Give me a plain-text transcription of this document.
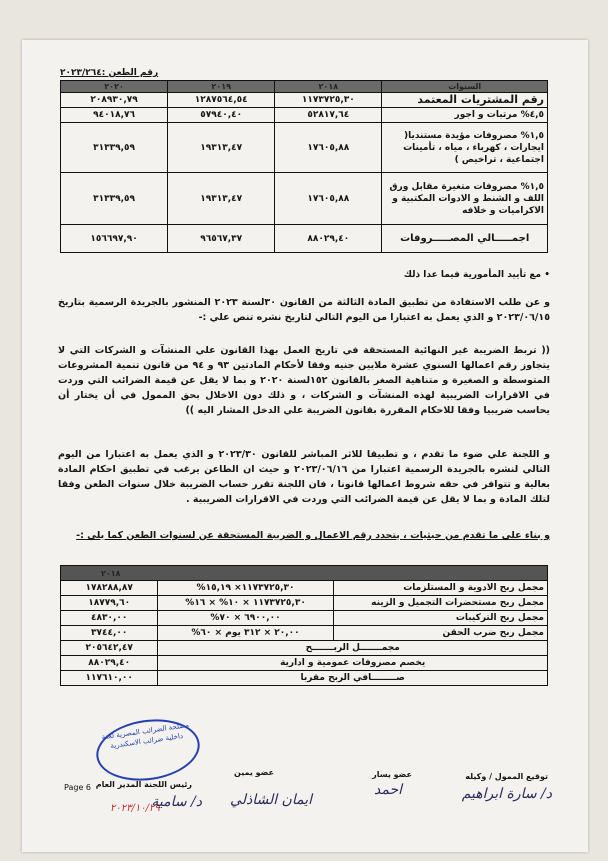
رقم الطعن :٢٠٢٣/٢٦٤
٢٠٢٠	٢٠١٩	٢٠١٨	السنوات
٢٠٨٩٣٠,٧٩	١٢٨٧٥٦٤,٥٤	١١٧٣٧٢٥,٣٠	رقم المشتريات المعتمد
٩٤٠١٨,٧٦	٥٧٩٤٠,٤٠	٥٢٨١٧,٦٤	٤,٥% مرتبات و اجور
٣١٣٣٩,٥٩	١٩٣١٣,٤٧	١٧٦٠٥,٨٨	١,٥% مصروفات مؤيدة مستنديا( ايجارات ، كهرباء ، مياه ، تأمينات اجتماعية ، تراخيص )
٣١٣٣٩,٥٩	١٩٣١٣,٤٧	١٧٦٠٥,٨٨	١,٥% مصروفات متغيرة مقابل ورق اللف و الشنط و الادوات المكتبية و الاكراميات و خلافه
١٥٦٦٩٧,٩٠	٩٦٥٦٧,٣٧	٨٨٠٢٩,٤٠	اجمـــــالي المصـــــروفات
• مع تأييد المأمورية فيما عدا ذلك
و عن طلب الاستفادة من تطبيق المادة الثالثة من القانون ٣٠لسنة ٢٠٢٣ المنشور بالجريدة الرسمية بتاريخ ٢٠٢٣/٠٦/١٥ و الذي يعمل به اعتبارا من اليوم التالي لتاريخ نشره تنص علي :-
(( تربط الضريبة غير النهائية المستحقة في تاريخ العمل بهذا القانون علي المنشآت و الشركات التي لا يتجاوز رقم اعمالها السنوي عشرة ملايين جنيه وفقا لأحكام المادتين ٩٣ و ٩٤ من قانون تنمية المشروعات المتوسطة و الصغيرة و متناهية الصغر بالقانون ١٥٢لسنة ٢٠٢٠ و بما لا يقل عن قيمة الضرائب التي وردت في الاقرارات الضريبية لهذه المنشآت و الشركات ، و ذلك دون الاخلال بحق الممول في أن يختار أن يحاسب ضريبيا وفقا للاحكام المقررة بقانون الضريبة علي الدخل المشار اليه ))
و اللجنة علي ضوء ما تقدم ، و تطبيقا للاثر المباشر للقانون ٢٠٢٣/٣٠ و الذي يعمل به اعتبارا من اليوم التالي لنشره بالجريدة الرسمية اعتبارا من ٢٠٢٣/٠٦/١٦ و حيث ان الطاعن يرغب في تطبيق احكام المادة بعالية و تتوافر في حقه شروط اعمالها قانونا ، فان اللجنة تقرر حساب الضريبة خلال سنوات الطعن وفقا لتلك المادة و بما لا يقل عن قيمة الضرائب التي وردت في الاقرارات الضريبية .
و بناء علي ما تقدم من حيثيات ، يتحدد رقم الاعمال و الضريبة المستحقة عن لسنوات الطعن كما يلي :-
٢٠١٨		
١٧٨٢٨٨,٨٧	١١٧٣٧٢٥,٣٠× ١٥,١٩%	مجمل ربح الادوية و المستلزمات
١٨٧٧٩,٦٠	١١٧٣٧٢٥,٣٠ × ١٠% × ١٦%	مجمل ربح مستحضرات التجميل و الزينه
٤٨٣٠,٠٠	٦٩٠٠,٠٠ × ٧٠%	مجمل ربح التركيبات
٣٧٤٤,٠٠	٢٠,٠٠ × ٣١٢ يوم × ٦٠%	مجمل ربح ضرب الحقن
٢٠٥٦٤٢,٤٧	مجمـــــــل الربـــــــح	
٨٨٠٢٩,٤٠	يخصم مصروفات عمومية و ادارية	
١١٧٦١٠,٠٠	صــــــــافي الربح مقربا	
مصلحة الضرائب المصرية لجنة داخلية ضرائب الاسكندرية
٢٠٢٣/١٠/٢٩
توقيع الممول / وكيله
عضو يسار
عضو يمين
رئيس اللجنة المدير العام
د/ سارة ابراهيم
احمد
ايمان الشاذلي
د/ سامية
Page 6
